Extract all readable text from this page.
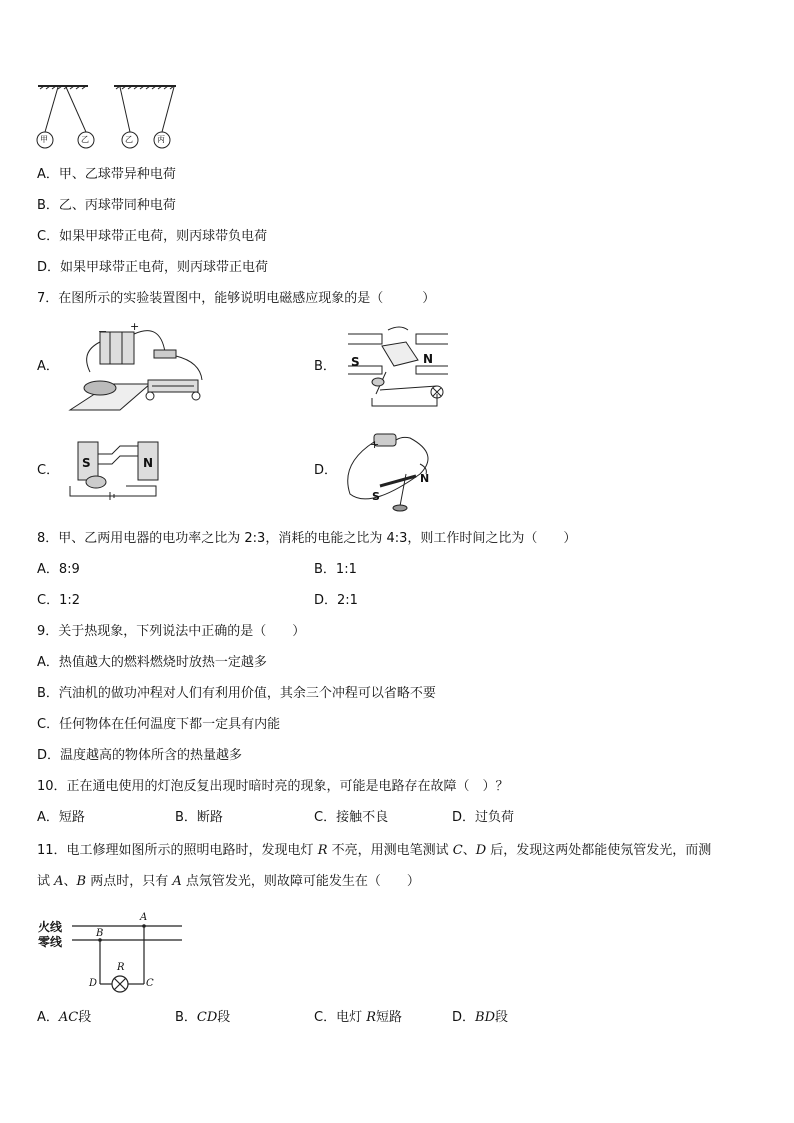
甲	乙	乙	丙
A．甲、乙球带异种电荷
B．乙、丙球带同种电荷
C．如果甲球带正电荷，则丙球带负电荷
D．如果甲球带正电荷，则丙球带正电荷
7．在图所示的实验装置图中，能够说明电磁感应现象的是（　　　）
A．
− +
B． S	N
C． S	N	D．
+
S
N
8．甲、乙两用电器的电功率之比为 2:3，消耗的电能之比为 4:3，则工作时间之比为（　　）
A．8:9	B．1:1
C．1:2	D．2:1
9．关于热现象，下列说法中正确的是（　　）
A．热值越大的燃料燃烧时放热一定越多
B．汽油机的做功冲程对人们有利用价值，其余三个冲程可以省略不要
C．任何物体在任何温度下都一定具有内能
D．温度越高的物体所含的热量越多
10．正在通电使用的灯泡反复出现时暗时亮的现象，可能是电路存在故障（　）？
A．短路	B．断路	C．接触不良	D．过负荷
11．电工修理如图所示的照明电路时，发现电灯 R 不亮，用测电笔测试 C、D 后，发现这两处都能使氖管发光，而测
试 A、B 两点时，只有 A 点氖管发光，则故障可能发生在（　　）
火线
零线
A
B
R
D	C
A．AC段	B．CD段	C．电灯 R短路	D．BD段
